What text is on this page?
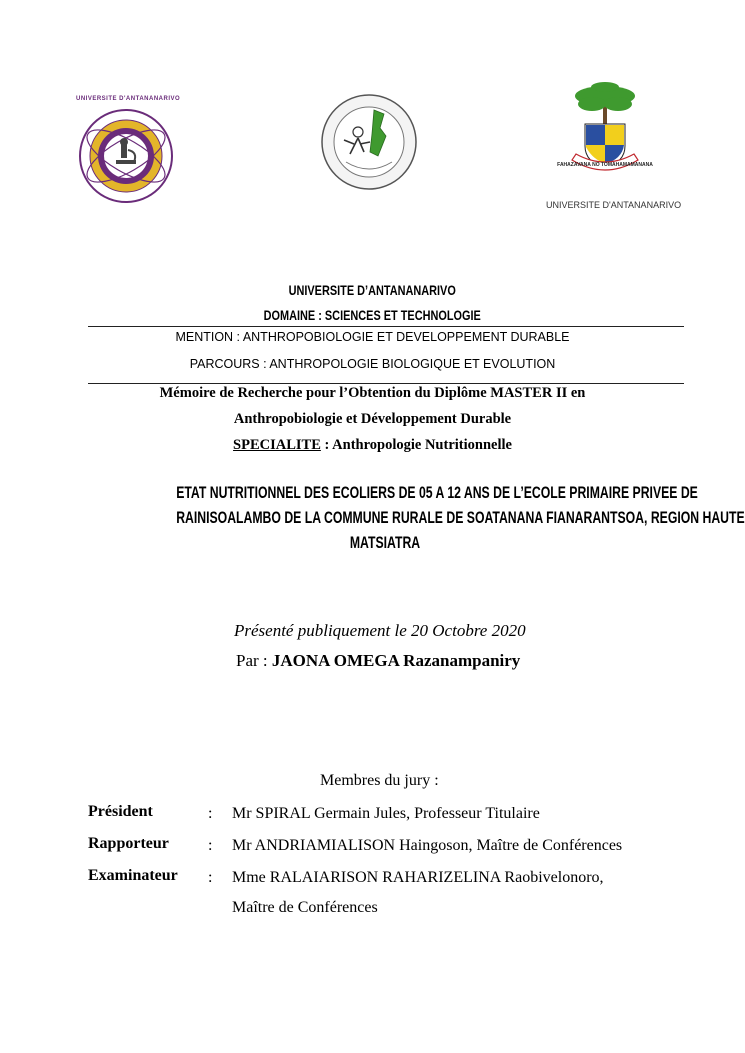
UNIVERSITE D'ANTANANARIVO
FAHAZAVANA NO TOMAHAMAMANANA
UNIVERSITE D'ANTANANARIVO
UNIVERSITE D’ANTANANARIVO
DOMAINE : SCIENCES ET TECHNOLOGIE
MENTION : ANTHROPOBIOLOGIE ET DEVELOPPEMENT DURABLE
PARCOURS : ANTHROPOLOGIE BIOLOGIQUE ET EVOLUTION
Mémoire de Recherche pour l’Obtention du Diplôme MASTER II en
Anthropobiologie et Développement Durable
SPECIALITE : Anthropologie Nutritionnelle
ETAT NUTRITIONNEL DES ECOLIERS DE 05 A 12 ANS DE L’ECOLE PRIMAIRE PRIVEE DE
RAINISOALAMBO DE LA COMMUNE RURALE DE SOATANANA FIANARANTSOA, REGION HAUTE
MATSIATRA
Présenté publiquement le 20 Octobre 2020
Par : JAONA OMEGA Razanampaniry
Membres du jury :
Président	: Mr SPIRAL Germain Jules, Professeur Titulaire
Rapporteur : Mr ANDRIAMIALISON Haingoson, Maître de Conférences
Examinateur : Mme RALAIARISON RAHARIZELINA Raobivelonoro,
Maître de Conférences
